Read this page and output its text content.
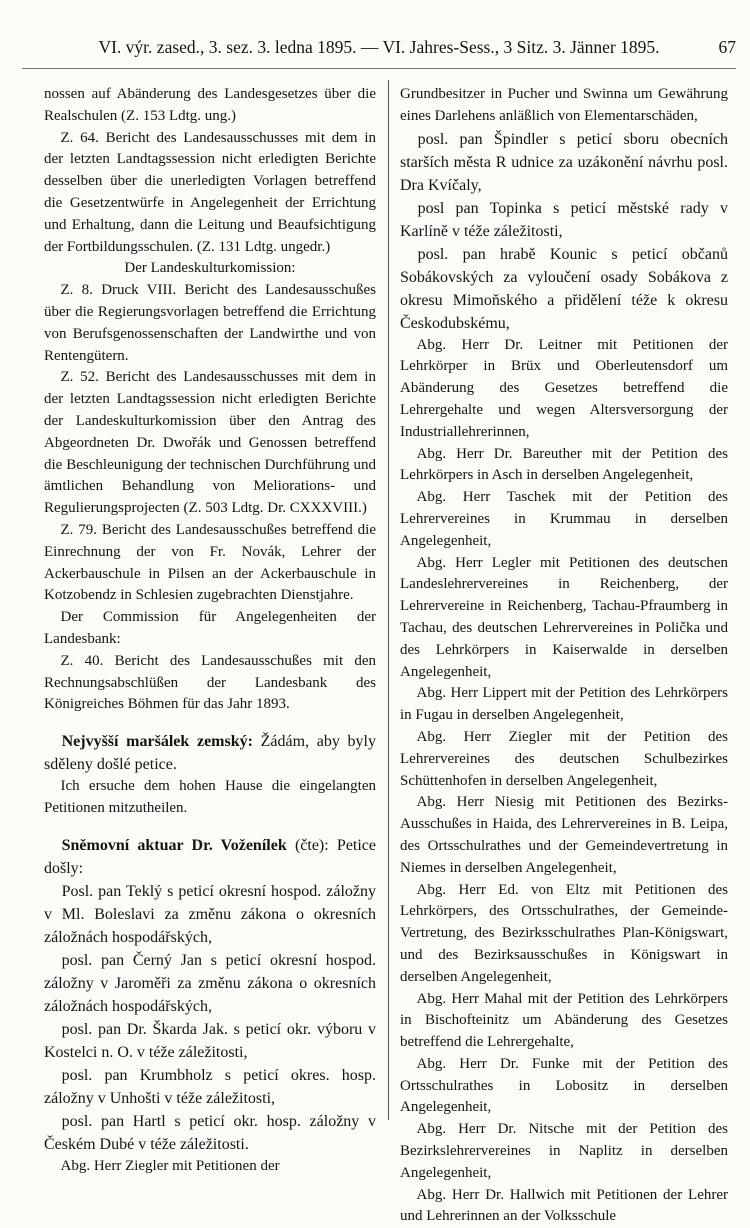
VI. výr. zased., 3. sez. 3. ledna 1895. — VI. Jahres-Sess., 3 Sitz. 3. Jänner 1895.	67

nossen auf Abänderung des Landesgesetzes über die Realschulen (Z. 153 Ldtg. ung.)

Z. 64. Bericht des Landesausschusses mit dem in der letzten Landtagssession nicht erledigten Berichte desselben über die unerledigten Vorlagen betreffend die Gesetzentwürfe in Angelegenheit der Errichtung und Erhaltung, dann die Leitung und Beaufsichtigung der Fortbildungsschulen. (Z. 131 Ldtg. ungedr.)

Der Landeskulturkomission:

Z. 8. Druck VIII. Bericht des Landesausschußes über die Regierungsvorlagen betreffend die Errichtung von Berufsgenossenschaften der Landwirthe und von Rentengütern.

Z. 52. Bericht des Landesausschusses mit dem in der letzten Landtagssession nicht erledigten Berichte der Landeskulturkomission über den Antrag des Abgeordneten Dr. Dwořák und Genossen betreffend die Beschleunigung der technischen Durchführung und ämtlichen Behandlung von Meliorations- und Regulierungsprojecten (Z. 503 Ldtg. Dr. CXXXVIII.)

Z. 79. Bericht des Landesausschußes betreffend die Einrechnung der von Fr. Novák, Lehrer der Ackerbauschule in Pilsen an der Ackerbauschule in Kotzobendz in Schlesien zugebrachten Dienstjahre.

Der Commission für Angelegenheiten der Landesbank:

Z. 40. Bericht des Landesausschußes mit den Rechnungsabschlüßen der Landesbank des Königreiches Böhmen für das Jahr 1893.

Nejvyšší maršálek zemský: Žádám, aby byly sděleny došlé petice.

Ich ersuche dem hohen Hause die eingelangten Petitionen mitzutheilen.

Sněmovní aktuar Dr. Voženílek (čte): Petice došly:

Posl. pan Teklý s peticí okresní hospod. záložny v Ml. Boleslavi za změnu zákona o okresních záložnách hospodářských,

posl. pan Černý Jan s peticí okresní hospod. záložny v Jaroměři za změnu zákona o okresních záložnách hospodářských,

posl. pan Dr. Škarda Jak. s peticí okr. výboru v Kostelci n. O. v téže záležitosti,

posl. pan Krumbholz s peticí okres. hosp. záložny v Unhošti v téže záležitosti,

posl. pan Hartl s peticí okr. hosp. záložny v Českém Dubé v téže záležitosti.

Abg. Herr Ziegler mit Petitionen der

Grundbesitzer in Pucher und Swinna um Gewährung eines Darlehens anläßlich von Elementarschäden,

posl. pan Špindler s peticí sboru obecních starších města R udnice za uzákonění návrhu posl. Dra Kvíčaly,

posl pan Topinka s peticí městské rady v Karlíně v téže záležitosti,

posl. pan hrabě Kounic s peticí občanů Sobákovských za vyloučení osady Sobákova z okresu Mimoňského a přidělení téže k okresu Českodubskému,

Abg. Herr Dr. Leitner mit Petitionen der Lehrkörper in Brüx und Oberleutensdorf um Abänderung des Gesetzes betreffend die Lehrergehalte und wegen Altersversorgung der Industriallehrerinnen,

Abg. Herr Dr. Bareuther mit der Petition des Lehrkörpers in Asch in derselben Angelegenheit,

Abg. Herr Taschek mit der Petition des Lehrervereines in Krummau in derselben Angelegenheit,

Abg. Herr Legler mit Petitionen des deutschen Landeslehrervereines in Reichenberg, der Lehrervereine in Reichenberg, Tachau-Pfraumberg in Tachau, des deutschen Lehrervereines in Polička und des Lehrkörpers in Kaiserwalde in derselben Angelegenheit,

Abg. Herr Lippert mit der Petition des Lehrkörpers in Fugau in derselben Angelegenheit,

Abg. Herr Ziegler mit der Petition des Lehrervereines des deutschen Schulbezirkes Schüttenhofen in derselben Angelegenheit,

Abg. Herr Niesig mit Petitionen des Bezirks-Ausschußes in Haida, des Lehrervereines in B. Leipa, des Ortsschulrathes und der Gemeindevertretung in Niemes in derselben Angelegenheit,

Abg. Herr Ed. von Eltz mit Petitionen des Lehrkörpers, des Ortsschulrathes, der Gemeinde-Vertretung, des Bezirksschulrathes Plan-Königswart, und des Bezirksausschußes in Königswart in derselben Angelegenheit,

Abg. Herr Mahal mit der Petition des Lehrkörpers in Bischofteinitz um Abänderung des Gesetzes betreffend die Lehrergehalte,

Abg. Herr Dr. Funke mit der Petition des Ortsschulrathes in Lobositz in derselben Angelegenheit,

Abg. Herr Dr. Nitsche mit der Petition des Bezirkslehrervereines in Naplitz in derselben Angelegenheit,

Abg. Herr Dr. Hallwich mit Petitionen der Lehrer und Lehrerinnen an der Volksschule
